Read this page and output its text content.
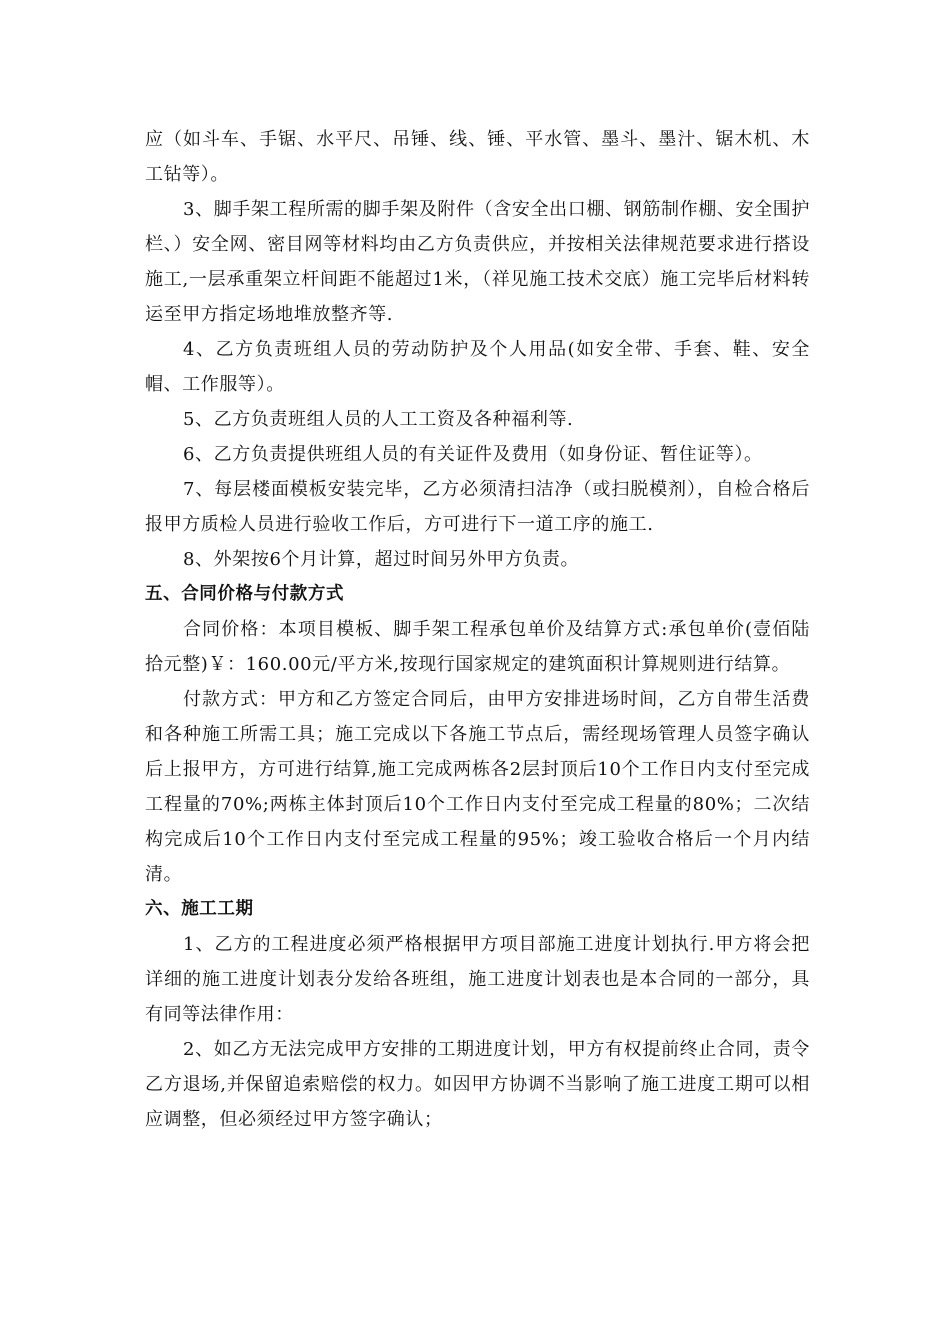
应（如斗车、手锯、水平尺、吊锤、线、锤、平水管、墨斗、墨汁、锯木机、木工钻等）。

3、脚手架工程所需的脚手架及附件（含安全出口棚、钢筋制作棚、安全围护栏、）安全网、密目网等材料均由乙方负责供应，并按相关法律规范要求进行搭设施工,一层承重架立杆间距不能超过1米，（祥见施工技术交底）施工完毕后材料转运至甲方指定场地堆放整齐等.

4、乙方负责班组人员的劳动防护及个人用品(如安全带、手套、鞋、安全帽、工作服等）。

5、乙方负责班组人员的人工工资及各种福利等.

6、乙方负责提供班组人员的有关证件及费用（如身份证、暂住证等）。

7、每层楼面模板安装完毕，乙方必须清扫洁净（或扫脱模剂），自检合格后报甲方质检人员进行验收工作后，方可进行下一道工序的施工.

8、外架按6个月计算，超过时间另外甲方负责。

五、合同价格与付款方式

合同价格：本项目模板、脚手架工程承包单价及结算方式:承包单价(壹佰陆拾元整)￥：160.00元/平方米,按现行国家规定的建筑面积计算规则进行结算。

付款方式：甲方和乙方签定合同后，由甲方安排进场时间，乙方自带生活费和各种施工所需工具；施工完成以下各施工节点后，需经现场管理人员签字确认后上报甲方，方可进行结算,施工完成两栋各2层封顶后10个工作日内支付至完成工程量的70%;两栋主体封顶后10个工作日内支付至完成工程量的80%；二次结构完成后10个工作日内支付至完成工程量的95%；竣工验收合格后一个月内结清。

六、施工工期

1、乙方的工程进度必须严格根据甲方项目部施工进度计划执行.甲方将会把详细的施工进度计划表分发给各班组，施工进度计划表也是本合同的一部分，具有同等法律作用：

2、如乙方无法完成甲方安排的工期进度计划，甲方有权提前终止合同，责令乙方退场,并保留追索赔偿的权力。如因甲方协调不当影响了施工进度工期可以相应调整，但必须经过甲方签字确认；
